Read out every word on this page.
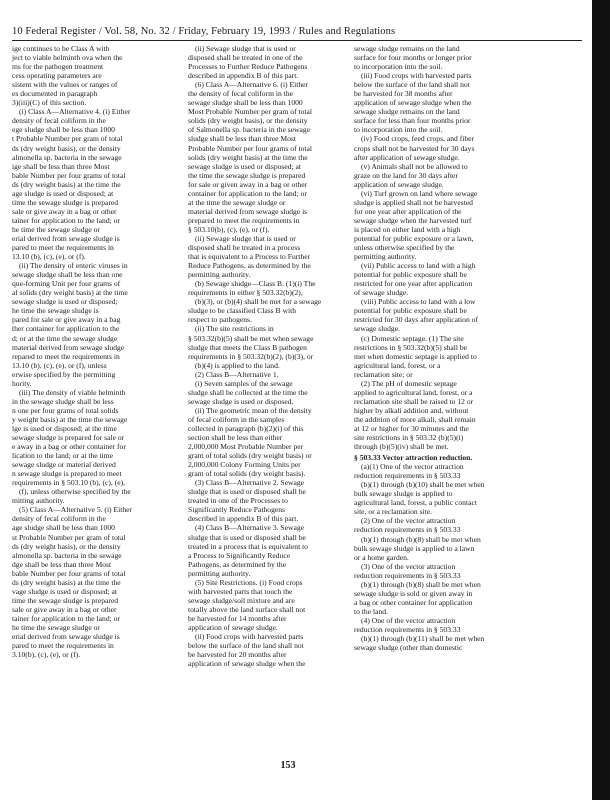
10 Federal Register / Vol. 58, No. 32 / Friday, February 19, 1993 / Rules and Regulations

ige continues to be Class A with

ject to viable helminth ova when the

ms for the pathogen treatment

cess operating parameters are

sistent with the values or ranges of

es documented in paragraph

3)(iii)(C) of this section.

(i) Class A—Alternative 4. (i) Either

density of fecal coliform in the

ege sludge shall be less than 1000

t Probable Number per gram of total

ds (dry weight basis), or the density

almonella sp. bacteria in the sewage

ige shall be less than three Most

bable Number per four grams of total

ds (dry weight basis) at the time the

age sludge is used or disposed; at

time the sewage sludge is prepared

sale or give away in a bag or other

tainer for application to the land; or

he time the sewage sludge or

erial derived from sewage sludge is

pared to meet the requirements in

13.10 (b), (c), (e), or (f).

(ii) The density of enteric viruses in

sewage sludge shall be less than one

que-forming Unit per four grams of

al solids (dry weight basis) at the time

sewage sludge is used or disposed;

he time the sewage sludge is

pared for sale or give away in a bag

ther container for application to the

d; or at the time the sewage sludge

material derived from sewage sludge

repared to meet the requirements in

13.10 (b), (c), (e), or (f), unless

erwise specified by the permitting

hority.

(iii) The density of viable helminth

in the sewage sludge shall be less

n one per four grams of total solids

y weight basis) at the time the sewage

lge is used or disposed; at the time

sewage sludge is prepared for sale or

e away in a bag or other container for

lication to the land; or at the time

sewage sludge or material derived

n sewage sludge is prepared to meet

requirements in § 503.10 (b), (c), (e),

(f), unless otherwise specified by the

mitting authority.

(5) Class A—Alternative 5. (i) Either

density of fecal coliform in the

age sludge shall be less than 1000

st Probable Number per gram of total

ds (dry weight basis), or the density

almonella sp. bacteria in the sewage

dge shall be less than three Most

bable Number per four grams of total

ds (dry weight basis) at the time the

vage sludge is used or disposed; at

time the sewage sludge is prepared

sale or give away in a bag or other

tainer for application to the land; or

he time the sewage sludge or

erial derived from sewage sludge is

pared to meet the requirements in

3.10(b), (c), (e), or (f).

(ii) Sewage sludge that is used or

disposed shall be treated in one of the

Processes to Further Reduce Pathogens

described in appendix B of this part.

(6) Class A—Alternative 6. (i) Either

the density of fecal coliform in the

sewage sludge shall be less than 1000

Most Probable Number per gram of total

solids (dry weight basis), or the density

of Salmonella sp. bacteria in the sewage

sludge shall be less than three Most

Probable Number per four grams of total

solids (dry weight basis) at the time the

sewage sludge is used or disposed; at

the time the sewage sludge is prepared

for sale or given away in a bag or other

container for application to the land; or

at the time the sewage sludge or

material derived from sewage sludge is

prepared to meet the requirements in

§ 503.10(b), (c), (e), or (f).

(ii) Sewage sludge that is used or

disposed shall be treated in a process

that is equivalent to a Process to Further

Reduce Pathogens, as determined by the

permitting authority.

(b) Sewage sludge—Class B. (1)(i) The

requirements in either § 503.32(b)(2),

(b)(3), or (b)(4) shall be met for a sewage

sludge to be classified Class B with

respect to pathogens.

(ii) The site restrictions in

§ 503.32(b)(5) shall be met when sewage

sludge that meets the Class B pathogen

requirements in § 503.32(b)(2), (b)(3), or

(b)(4) is applied to the land.

(2) Class B—Alternative 1.

(i) Seven samples of the sewage

sludge shall be collected at the time the

sewage sludge is used or disposed.

(ii) The geometric mean of the density

of fecal coliform in the samples

collected in paragraph (b)(2)(i) of this

section shall be less than either

2,000,000 Most Probable Number per

gram of total solids (dry weight basis) or

2,000,000 Colony Forming Units per

gram of total solids (dry weight basis).

(3) Class B—Alternative 2. Sewage

sludge that is used or disposed shall be

treated in one of the Processes to

Significantly Reduce Pathogens

described in appendix B of this part.

(4) Class B—Alternative 3. Sewage

sludge that is used or disposed shall be

treated in a process that is equivalent to

a Process to Significantly Reduce

Pathogens, as determined by the

permitting authority.

(5) Site Restrictions. (i) Food crops

with harvested parts that touch the

sewage sludge/soil mixture and are

totally above the land surface shall not

be harvested for 14 months after

application of sewage sludge.

(ii) Food crops with harvested parts

below the surface of the land shall not

be harvested for 20 months after

application of sewage sludge when the

sewage sludge remains on the land

surface for four months or longer prior

to incorporation into the soil.

(iii) Food crops with harvested parts

below the surface of the land shall not

be harvested for 38 months after

application of sewage sludge when the

sewage sludge remains on the land

surface for less than four months prior

to incorporation into the soil.

(iv) Food crops, feed crops, and fiber

crops shall not be harvested for 30 days

after application of sewage sludge.

(v) Animals shall not be allowed to

graze on the land for 30 days after

application of sewage sludge.

(vi) Turf grown on land where sewage

sludge is applied shall not be harvested

for one year after application of the

sewage sludge when the harvested turf

is placed on either land with a high

potential for public exposure or a lawn,

unless otherwise specified by the

permitting authority.

(vii) Public access to land with a high

potential for public exposure shall be

restricted for one year after application

of sewage sludge.

(viii) Public access to land with a low

potential for public exposure shall be

restricted for 30 days after application of

sewage sludge.

(c) Domestic septage. (1) The site

restrictions in § 503.32(b)(5) shall be

met when domestic septage is applied to

agricultural land, forest, or a

reclamation site; or

(2) The pH of domestic septage

applied to agricultural land, forest, or a

reclamation site shall be raised to 12 or

higher by alkali addition and, without

the addition of more alkali, shall remain

at 12 or higher for 30 minutes and the

site restrictions in § 503.32 (b)(5)(i)

through (b)(5)(iv) shall be met.

§ 503.33 Vector attraction reduction.

(a)(1) One of the vector attraction

reduction requirements in § 503.33

(b)(1) through (b)(10) shall be met when

bulk sewage sludge is applied to

agricultural land, forest, a public contact

site, or a reclamation site.

(2) One of the vector attraction

reduction requirements in § 503.33

(b)(1) through (b)(8) shall be met when

bulk sewage sludge is applied to a lawn

or a home garden.

(3) One of the vector attraction

reduction requirements in § 503.33

(b)(1) through (b)(8) shall be met when

sewage sludge is sold or given away in

a bag or other container for application

to the land.

(4) One of the vector attraction

reduction requirements in § 503.33

(b)(1) through (b)(11) shall be met when

sewage sludge (other than domestic

153
